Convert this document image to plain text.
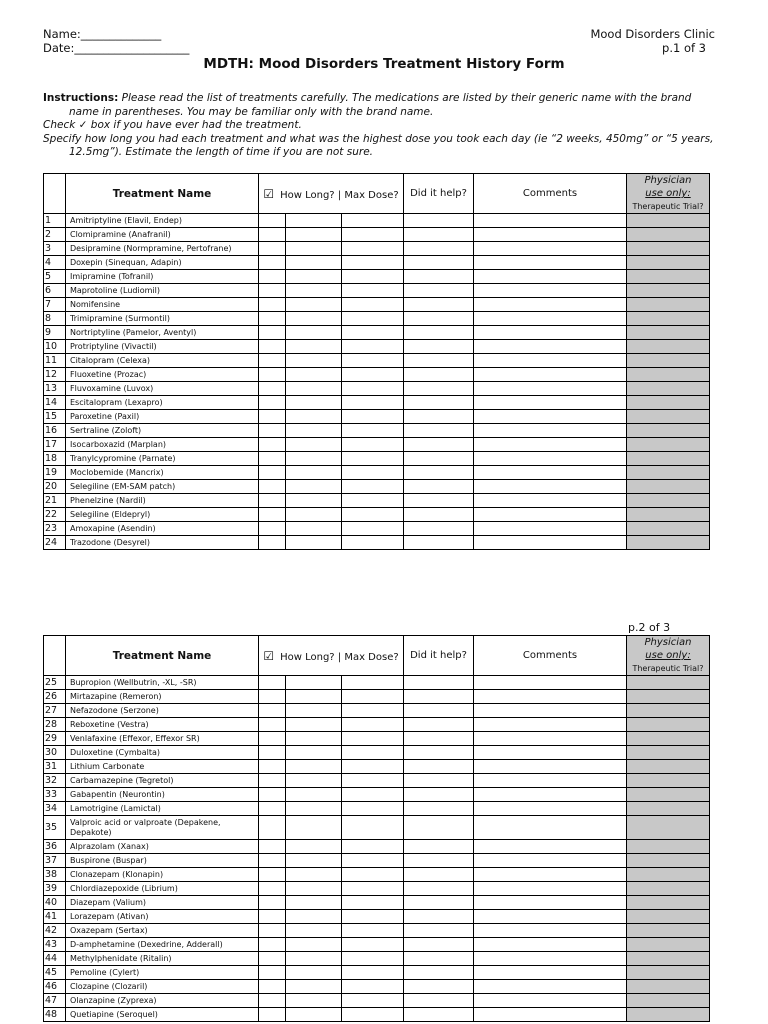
Name:______________
Date:____________________
Mood Disorders Clinic
p.1 of 3
MDTH: Mood Disorders Treatment History Form
Instructions: Please read the list of treatments carefully. The medications are listed by their generic name with the brand
name in parentheses. You may be familiar only with the brand name.
Check ✓ box if you have ever had the treatment.
Specify how long you had each treatment and what was the highest dose you took each day (ie “2 weeks, 450mg” or “5 years,
12.5mg”). Estimate the length of time if you are not sure.
	Treatment Name	☑ How Long? | Max Dose?			Did it help?	Comments	Physician
use only:
Therapeutic Trial?

1	Amitriptyline (Elavil, Endep)						
2	Clomipramine (Anafranil)						
3	Desipramine (Normpramine, Pertofrane)						
4	Doxepin (Sinequan, Adapin)						
5	Imipramine (Tofranil)						
6	Maprotoline (Ludiomil)						
7	Nomifensine						
8	Trimipramine (Surmontil)						
9	Nortriptyline (Pamelor, Aventyl)						
10	Protriptyline (Vivactil)						
11	Citalopram (Celexa)						
12	Fluoxetine (Prozac)						
13	Fluvoxamine (Luvox)						
14	Escitalopram (Lexapro)						
15	Paroxetine (Paxil)						
16	Sertraline (Zoloft)						
17	Isocarboxazid (Marplan)						
18	Tranylcypromine (Parnate)						
19	Moclobemide (Mancrix)						
20	Selegiline (EM-SAM patch)						
21	Phenelzine (Nardil)						
22	Selegiline (Eldepryl)						
23	Amoxapine (Asendin)						
24	Trazodone (Desyrel)						
p.2 of 3
	Treatment Name	☑ How Long? | Max Dose?			Did it help?	Comments	Physician
use only:
Therapeutic Trial?

25	Bupropion (Wellbutrin, -XL, -SR)						
26	Mirtazapine (Remeron)						
27	Nefazodone (Serzone)						
28	Reboxetine (Vestra)						
29	Venlafaxine (Effexor, Effexor SR)						
30	Duloxetine (Cymbalta)						
31	Lithium Carbonate						
32	Carbamazepine (Tegretol)						
33	Gabapentin (Neurontin)						
34	Lamotrigine (Lamictal)						
35	Valproic acid or valproate (Depakene, Depakote)						
36	Alprazolam (Xanax)						
37	Buspirone (Buspar)						
38	Clonazepam (Klonapin)						
39	Chlordiazepoxide (Librium)						
40	Diazepam (Valium)						
41	Lorazepam (Ativan)						
42	Oxazepam (Sertax)						
43	D-amphetamine (Dexedrine, Adderall)						
44	Methylphenidate (Ritalin)						
45	Pemoline (Cylert)						
46	Clozapine (Clozaril)						
47	Olanzapine (Zyprexa)						
48	Quetiapine (Seroquel)						
